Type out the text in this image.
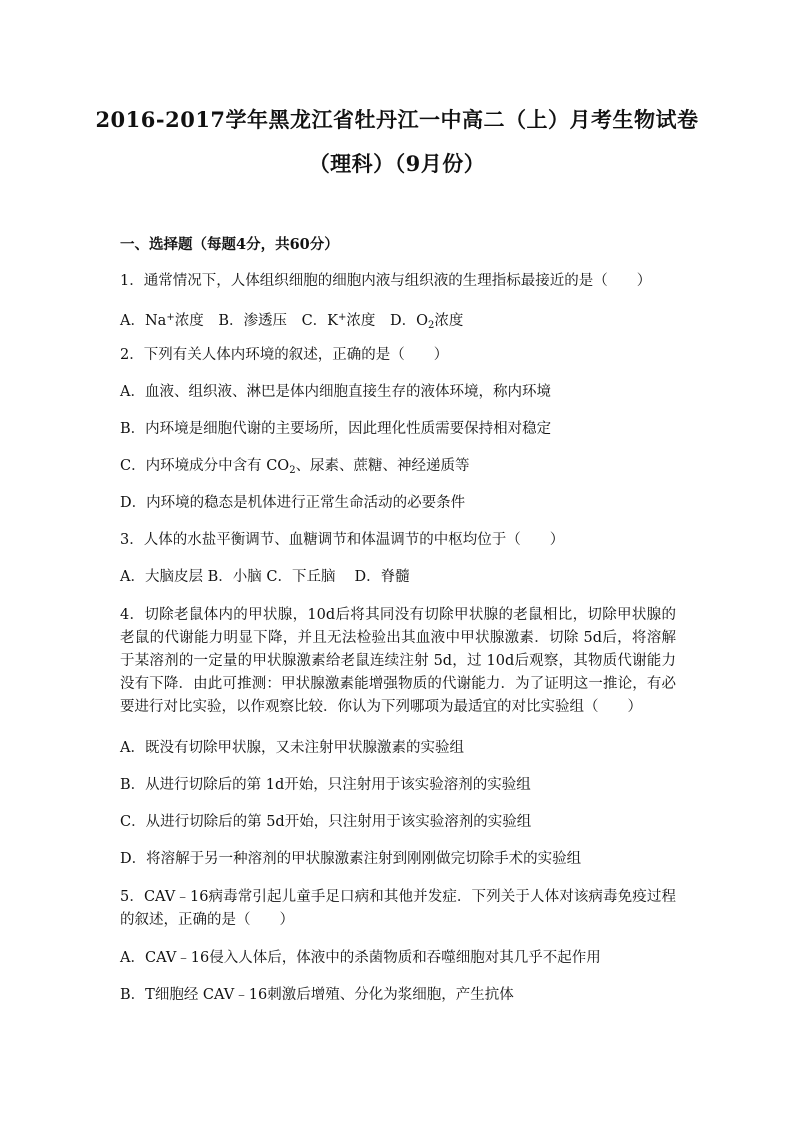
2016-2017学年黑龙江省牡丹江一中高二（上）月考生物试卷
（理科）（9月份）
一、选择题（每题4分，共60分）
1．通常情况下，人体组织细胞的细胞内液与组织液的生理指标最接近的是（　　）
A．Na+浓度 B．渗透压 C．K+浓度 D．$O_2$浓度
2．下列有关人体内环境的叙述，正确的是（　　）
A．血液、组织液、淋巴是体内细胞直接生存的液体环境，称内环境
B．内环境是细胞代谢的主要场所，因此理化性质需要保持相对稳定
C．内环境成分中含有 $CO_2$、尿素、蔗糖、神经递质等
D．内环境的稳态是机体进行正常生命活动的必要条件
3．人体的水盐平衡调节、血糖调节和体温调节的中枢均位于（　　）
A．大脑皮层 B．小脑 C．下丘脑　 D．脊髓
4．切除老鼠体内的甲状腺，10d后将其同没有切除甲状腺的老鼠相比，切除甲状腺的老鼠的代谢能力明显下降，并且无法检验出其血液中甲状腺激素．切除 5d后，将溶解于某溶剂的一定量的甲状腺激素给老鼠连续注射 5d，过 10d后观察，其物质代谢能力没有下降．由此可推测：甲状腺激素能增强物质的代谢能力．为了证明这一推论，有必要进行对比实验，以作观察比较．你认为下列哪项为最适宜的对比实验组（　　）
A．既没有切除甲状腺，又未注射甲状腺激素的实验组
B．从进行切除后的第 1d开始，只注射用于该实验溶剂的实验组
C．从进行切除后的第 5d开始，只注射用于该实验溶剂的实验组
D．将溶解于另一种溶剂的甲状腺激素注射到刚刚做完切除手术的实验组
5．CAV﹣16病毒常引起儿童手足口病和其他并发症．下列关于人体对该病毒免疫过程的叙述，正确的是（　　）
A．CAV﹣16侵入人体后，体液中的杀菌物质和吞噬细胞对其几乎不起作用
B．T细胞经 CAV﹣16刺激后增殖、分化为浆细胞，产生抗体
